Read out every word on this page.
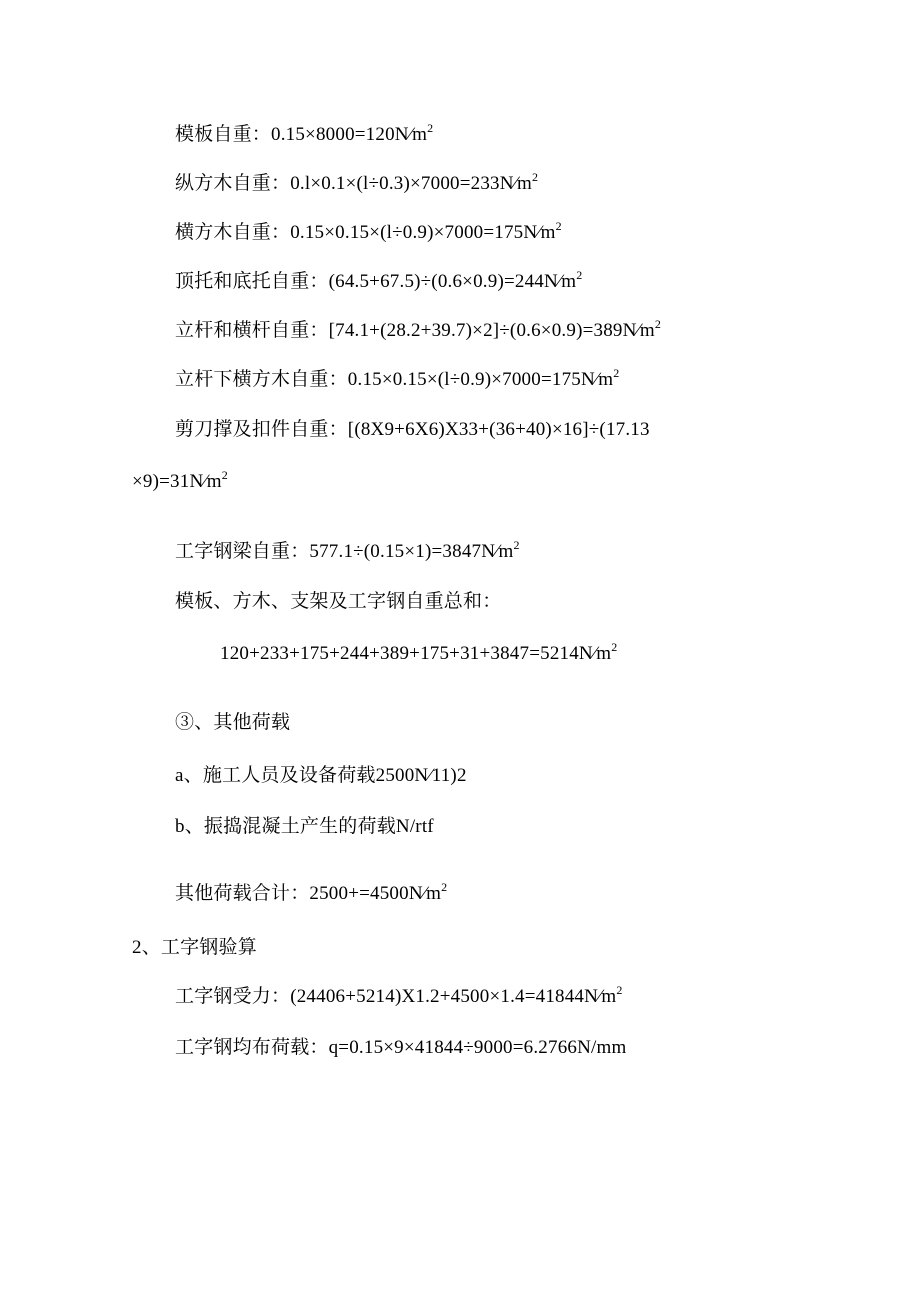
模板自重：$0.15\times 8000=120N∕m^2$
纵方木自重：$0.l\times 0.1\times(l\div 0.3)\times 7000=233N∕m^2$
横方木自重：$0.15\times 0.15\times(l\div 0.9)\times 7000=175N∕m^2$
顶托和底托自重：$(64.5+67.5)\div(0.6\times 0.9)=244N∕m^2$
立杆和横杆自重：$[74.1+(28.2+39.7)\times 2]\div(0.6\times 0.9)=389N∕m^2$
立杆下横方木自重：$0.15\times 0.15\times(l\div 0.9)\times 7000=175N∕m^2$
剪刀撑及扣件自重：[(8X9+6X6)X33+(36+40)×16]÷(17.13
$\times 9)=31N∕m^2$
工字钢梁自重：$577.1\div(0.15\times 1)=3847N∕m^2$
模板、方木、支架及工字钢自重总和：
$120+233+175+244+389+175+31+3847=5214N∕m^2$
③、其他荷载
a、施工人员及设备荷载2500N∕11)2
b、振捣混凝土产生的荷载N/rtf
其他荷载合计：$2500+=4500N∕m^2$
2、工字钢验算
工字钢受力：$(24406+5214)X1.2+4500\times 1.4=41844N∕m^2$
工字钢均布荷载：q=0.15×9×41844÷9000=6.2766N/mm
